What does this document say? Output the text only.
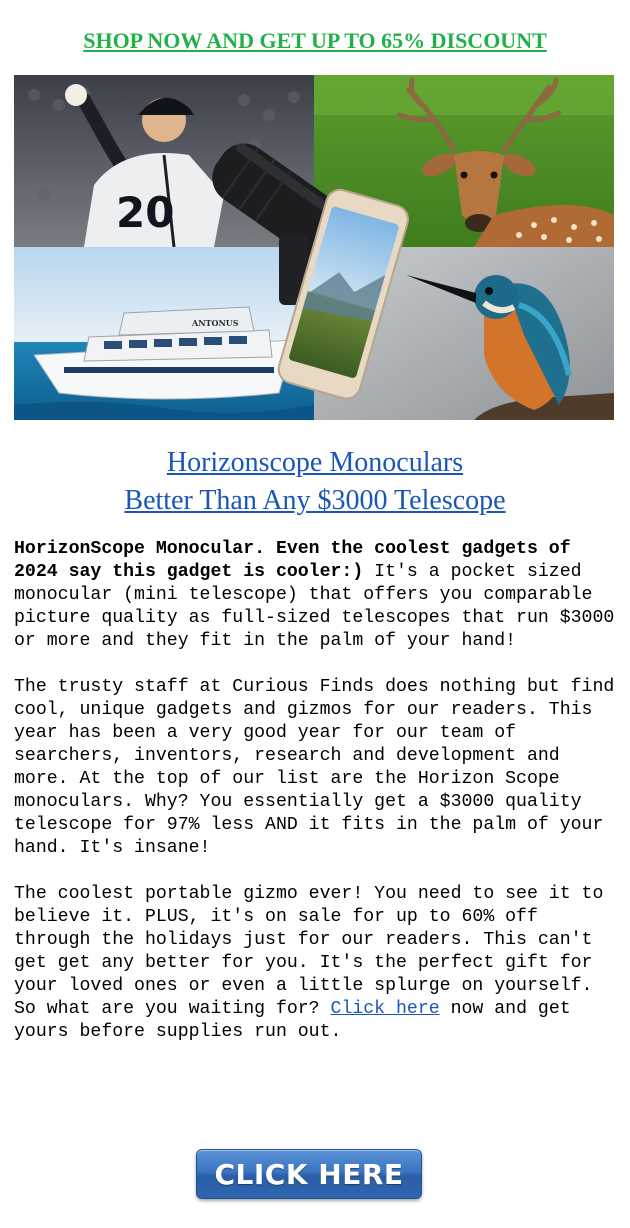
SHOP NOW AND GET UP TO 65% DISCOUNT
20
ANTONUS
Horizonscope Monoculars
Better Than Any $3000 Telescope

HorizonScope Monocular. Even the coolest gadgets of 2024 say this gadget is cooler:) It's a pocket sized monocular (mini telescope) that offers you comparable picture quality as full-sized telescopes that run $3000 or more and they fit in the palm of your hand!

The trusty staff at Curious Finds does nothing but find cool, unique gadgets and gizmos for our readers. This year has been a very good year for our team of searchers, inventors, research and development and more. At the top of our list are the Horizon Scope monoculars. Why? You essentially get a $3000 quality telescope for 97% less AND it fits in the palm of your hand. It's insane!

The coolest portable gizmo ever! You need to see it to believe it. PLUS, it's on sale for up to 60% off through the holidays just for our readers. This can't get get any better for you. It's the perfect gift for your loved ones or even a little splurge on yourself. So what are you waiting for? Click here now and get yours before supplies run out.

CLICK HERE
